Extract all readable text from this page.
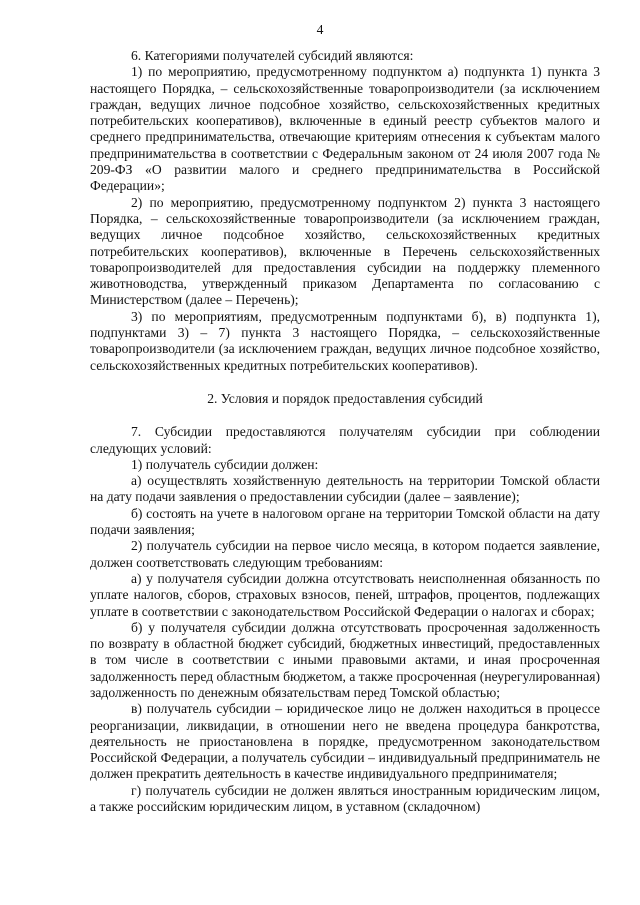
4

6. Категориями получателей субсидий являются:

1) по мероприятию, предусмотренному подпунктом а) подпункта 1) пункта 3 настоящего Порядка, – сельскохозяйственные товаропроизводители (за исключением граждан, ведущих личное подсобное хозяйство, сельскохозяйственных кредитных потребительских кооперативов), включенные в единый реестр субъектов малого и среднего предпринимательства, отвечающие критериям отнесения к субъектам малого предпринимательства в соответствии с Федеральным законом от 24 июля 2007 года № 209-ФЗ «О развитии малого и среднего предпринимательства в Российской Федерации»;

2) по мероприятию, предусмотренному подпунктом 2) пункта 3 настоящего Порядка, – сельскохозяйственные товаропроизводители (за исключением граждан, ведущих личное подсобное хозяйство, сельскохозяйственных кредитных потребительских кооперативов), включенные в Перечень сельскохозяйственных товаропроизводителей для предоставления субсидии на поддержку племенного животноводства, утвержденный приказом Департамента по согласованию с Министерством (далее – Перечень);

3) по мероприятиям, предусмотренным подпунктами б), в) подпункта 1), подпунктами 3) – 7) пункта 3 настоящего Порядка, – сельскохозяйственные товаропроизводители (за исключением граждан, ведущих личное подсобное хозяйство, сельскохозяйственных кредитных потребительских кооперативов).

2. Условия и порядок предоставления субсидий

7. Субсидии предоставляются получателям субсидии при соблюдении следующих условий:

1) получатель субсидии должен:

а) осуществлять хозяйственную деятельность на территории Томской области на дату подачи заявления о предоставлении субсидии (далее – заявление);

б) состоять на учете в налоговом органе на территории Томской области на дату подачи заявления;

2) получатель субсидии на первое число месяца, в котором подается заявление, должен соответствовать следующим требованиям:

а) у получателя субсидии должна отсутствовать неисполненная обязанность по уплате налогов, сборов, страховых взносов, пеней, штрафов, процентов, подлежащих уплате в соответствии с законодательством Российской Федерации о налогах и сборах;

б) у получателя субсидии должна отсутствовать просроченная задолженность по возврату в областной бюджет субсидий, бюджетных инвестиций, предоставленных в том числе в соответствии с иными правовыми актами, и иная просроченная задолженность перед областным бюджетом, а также просроченная (неурегулированная) задолженность по денежным обязательствам перед Томской областью;

в) получатель субсидии – юридическое лицо не должен находиться в процессе реорганизации, ликвидации, в отношении него не введена процедура банкротства, деятельность не приостановлена в порядке, предусмотренном законодательством Российской Федерации, а получатель субсидии – индивидуальный предприниматель не должен прекратить деятельность в качестве индивидуального предпринимателя;

г) получатель субсидии не должен являться иностранным юридическим лицом, а также российским юридическим лицом, в уставном (складочном)
